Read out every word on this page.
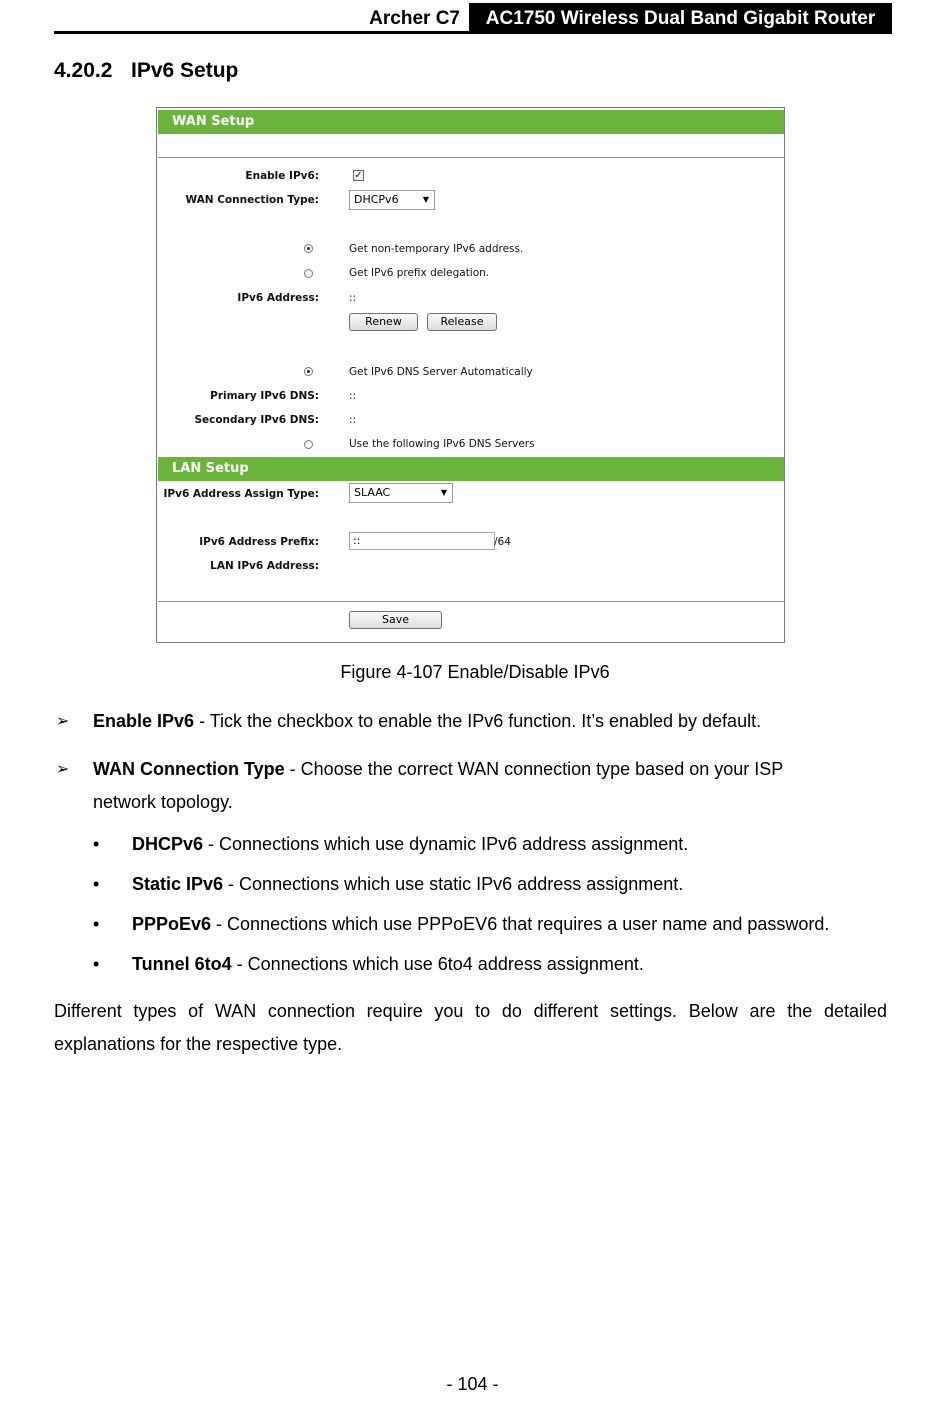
Archer C7	AC1750 Wireless Dual Band Gigabit Router
4.20.2 IPv6 Setup
WAN Setup
Enable IPv6:	✓
WAN Connection Type:	DHCPv6	▼
Get non-temporary IPv6 address.
Get IPv6 prefix delegation.
IPv6 Address:	::
Renew	Release
Get IPv6 DNS Server Automatically
Primary IPv6 DNS:	::
Secondary IPv6 DNS:	::
Use the following IPv6 DNS Servers
LAN Setup
IPv6 Address Assign Type:	SLAAC	▼
IPv6 Address Prefix:	::	/64
LAN IPv6 Address:
Save
Figure 4-107 Enable/Disable IPv6
➢ Enable IPv6 - Tick the checkbox to enable the IPv6 function. It’s enabled by default.
➢ WAN Connection Type - Choose the correct WAN connection type based on your ISP
network topology.
• DHCPv6 - Connections which use dynamic IPv6 address assignment.
• Static IPv6 - Connections which use static IPv6 address assignment.
• PPPoEv6 - Connections which use PPPoEV6 that requires a user name and password.
• Tunnel 6to4 - Connections which use 6to4 address assignment.
Different types of WAN connection require you to do different settings. Below are the detailed explanations for the respective type.
- 104 -
